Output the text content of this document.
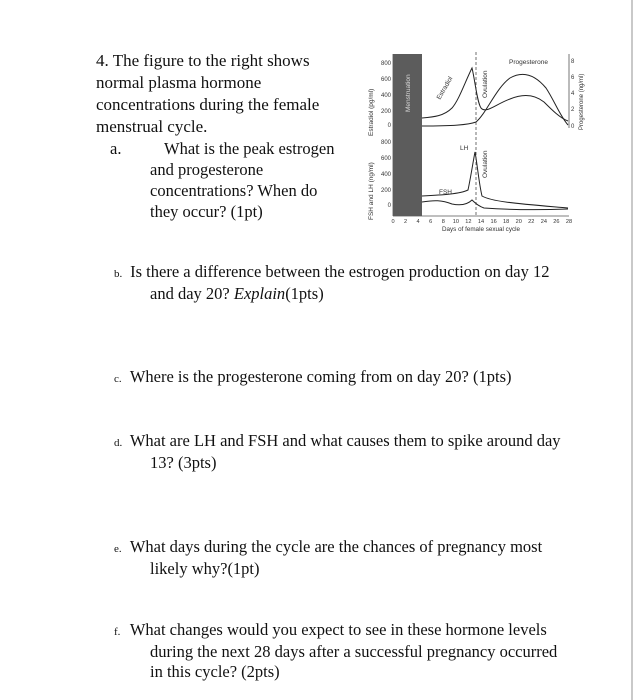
4. The figure to the right shows
normal plasma hormone
concentrations during the female
menstrual cycle.
a.	What is the peak estrogen
and progesterone
concentrations? When do
they occur? (1pt)
b. Is there a difference between the estrogen production on day 12
and day 20? Explain(1pts)
c. Where is the progesterone coming from on day 20? (1pts)
d. What are LH and FSH and what causes them to spike around day
13? (3pts)
e. What days during the cycle are the chances of pregnancy most
likely why?(1pt)
f. What changes would you expect to see in these hormone levels
during the next 28 days after a successful pregnancy occurred
in this cycle? (2pts)
Estradiol (pg/ml)
FSH and LH (ng/ml)
800
600
400
200
0
800
600
400
200
0
Menstruation	Ovulation
Ovulation
Estradiol
Progesterone	8
6
4
2
0 Progesterone (ng/ml)
LH
FSH
0 2 4 6 8 10 12 14 16 18 20 22 24 26 28
Days of female sexual cycle
